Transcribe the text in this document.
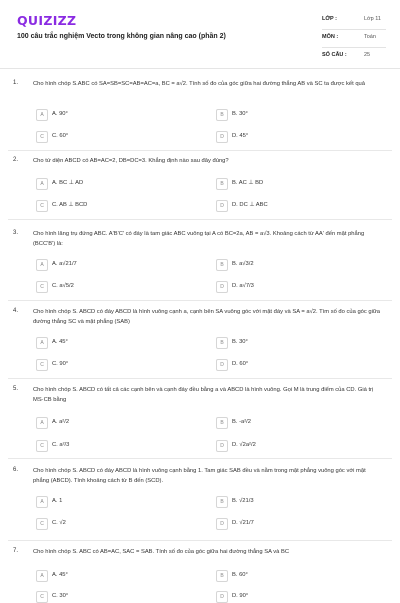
QUIZIZZ
100 câu trắc nghiệm Vecto trong không gian nâng cao (phần 2)
LỚP :	Lớp 11
MÔN :	Toán
SỐ CÂU :	25
1.	Cho hình chóp S.ABC có SA=SB=SC=AB=AC=a, BC = a√2. Tính số đo của góc giữa hai đường thẳng AB và SC ta được kết quả
A	A. 90°	B	B. 30°
C	C. 60°	D	D. 45°
2.	Cho tứ diện ABCD có AB=AC=2, DB=DC=3. Khẳng định nào sau đây đúng?
A	A. BC ⊥ AD	B	B. AC ⊥ BD
C	C. AB ⊥ BCD	D	D. DC ⊥ ABC
3.	Cho hình lăng trụ đứng ABC. A'B'C' có đáy là tam giác ABC vuông tại A có BC=2a, AB = a√3. Khoảng cách từ AA' đến mặt phẳng (BCC'B') là:
A	A. a√21/7	B	B. a√3/2
C	C. a√5/2	D	D. a√7/3
4.	Cho hình chóp S. ABCD có đáy ABCD là hình vuông cạnh a, cạnh bên SA vuông góc với mặt đáy và SA = a√2. Tìm số đo của góc giữa đường thẳng SC và mặt phẳng (SAB)
A	A. 45°	B	B. 30°
C	C. 90°	D	D. 60°
5.	Cho hình chóp S. ABCD có tất cả các cạnh bên và cạnh đáy đều bằng a và ABCD là hình vuông. Gọi M là trung điểm của CD. Giá trị MS·CB bằng
A	A. a²/2	B	B. -a²/2
C	C. a²/3	D	D. √2a²/2
6.	Cho hình chóp S. ABCD có đáy ABCD là hình vuông cạnh bằng 1. Tam giác SAB đều và nằm trong mặt phẳng vuông góc với mặt phẳng (ABCD). Tính khoảng cách từ B đến (SCD).
A	A. 1	B	B. √21/3
C	C. √2	D	D. √21/7
7.	Cho hình chóp S. ABC có AB=AC, SAC = SAB. Tính số đo của góc giữa hai đường thẳng SA và BC
A	A. 45°	B	B. 60°
C	C. 30°	D	D. 90°
